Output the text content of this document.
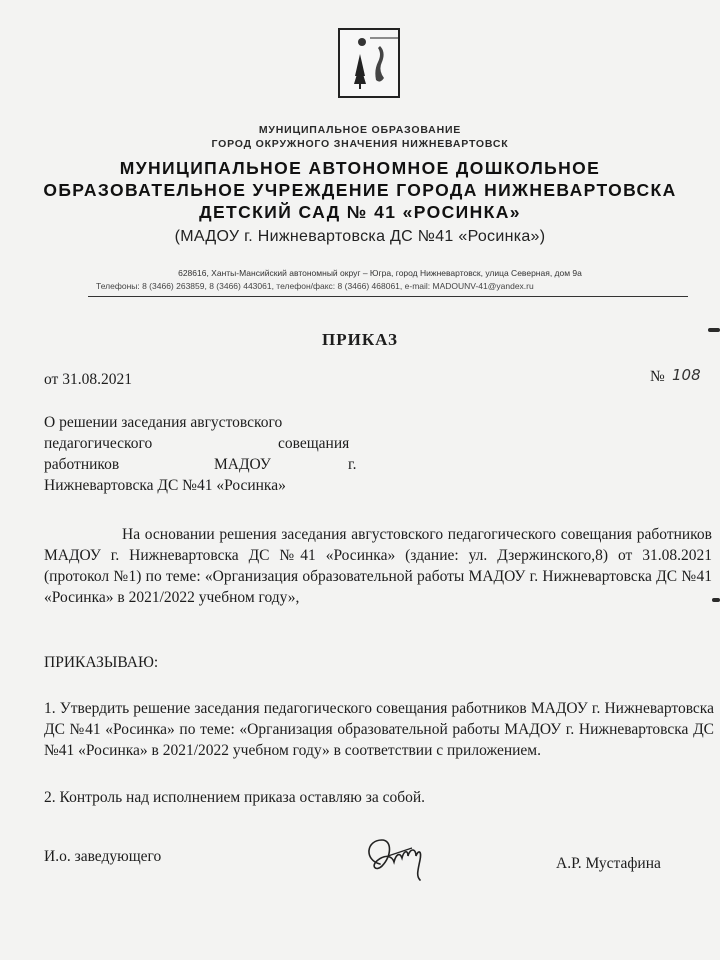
МУНИЦИПАЛЬНОЕ ОБРАЗОВАНИЕ
ГОРОД ОКРУЖНОГО ЗНАЧЕНИЯ НИЖНЕВАРТОВСК
МУНИЦИПАЛЬНОЕ АВТОНОМНОЕ ДОШКОЛЬНОЕ
ОБРАЗОВАТЕЛЬНОЕ УЧРЕЖДЕНИЕ ГОРОДА НИЖНЕВАРТОВСКА
ДЕТСКИЙ САД № 41 «РОСИНКА»
(МАДОУ г. Нижневартовска ДС №41 «Росинка»)
628616, Ханты-Мансийский автономный округ – Югра, город Нижневартовск, улица Северная, дом 9а
Телефоны: 8 (3466) 263859, 8 (3466) 443061, телефон/факс: 8 (3466) 468061, e-mail: MADOUNV-41@yandex.ru
ПРИКАЗ
от 31.08.2021	№ 108
О решении заседания августовского
педагогического	совещания
работников	МАДОУ	г.
Нижневартовска ДС №41 «Росинка»
На основании решения заседания августовского педагогического совещания работников МАДОУ г. Нижневартовска ДС №41 «Росинка» (здание: ул. Дзержинского,8) от 31.08.2021 (протокол №1) по теме: «Организация образовательной работы МАДОУ г. Нижневартовска ДС №41 «Росинка» в 2021/2022 учебном году»,
ПРИКАЗЫВАЮ:
1. Утвердить решение заседания педагогического совещания работников МАДОУ г. Нижневартовска ДС №41 «Росинка» по теме: «Организация образовательной работы МАДОУ г. Нижневартовска ДС №41 «Росинка» в 2021/2022 учебном году» в соответствии с приложением.
2. Контроль над исполнением приказа оставляю за собой.
И.о. заведующего	А.Р. Мустафина
